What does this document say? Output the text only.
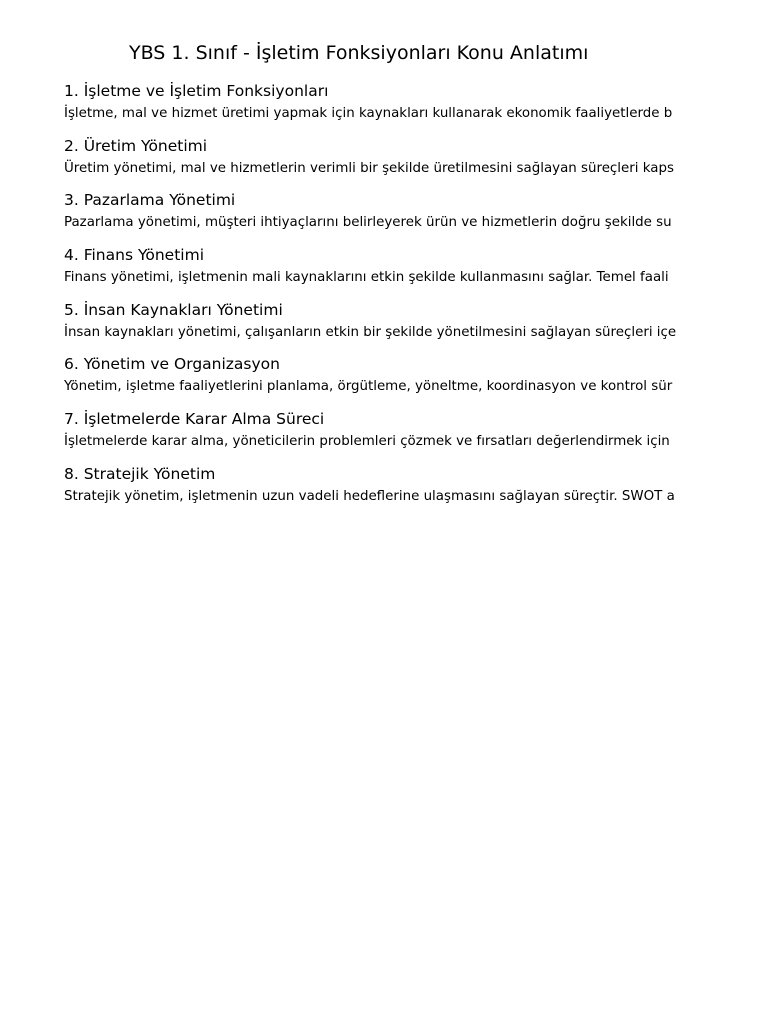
YBS 1. Sınıf - İşletim Fonksiyonları Konu Anlatımı
1. İşletme ve İşletim Fonksiyonları

İşletme, mal ve hizmet üretimi yapmak için kaynakları kullanarak ekonomik faaliyetlerde b

2. Üretim Yönetimi

Üretim yönetimi, mal ve hizmetlerin verimli bir şekilde üretilmesini sağlayan süreçleri kaps

3. Pazarlama Yönetimi

Pazarlama yönetimi, müşteri ihtiyaçlarını belirleyerek ürün ve hizmetlerin doğru şekilde su

4. Finans Yönetimi

Finans yönetimi, işletmenin mali kaynaklarını etkin şekilde kullanmasını sağlar. Temel faali

5. İnsan Kaynakları Yönetimi

İnsan kaynakları yönetimi, çalışanların etkin bir şekilde yönetilmesini sağlayan süreçleri içe

6. Yönetim ve Organizasyon

Yönetim, işletme faaliyetlerini planlama, örgütleme, yöneltme, koordinasyon ve kontrol sür

7. İşletmelerde Karar Alma Süreci

İşletmelerde karar alma, yöneticilerin problemleri çözmek ve fırsatları değerlendirmek için

8. Stratejik Yönetim

Stratejik yönetim, işletmenin uzun vadeli hedeflerine ulaşmasını sağlayan süreçtir. SWOT a
